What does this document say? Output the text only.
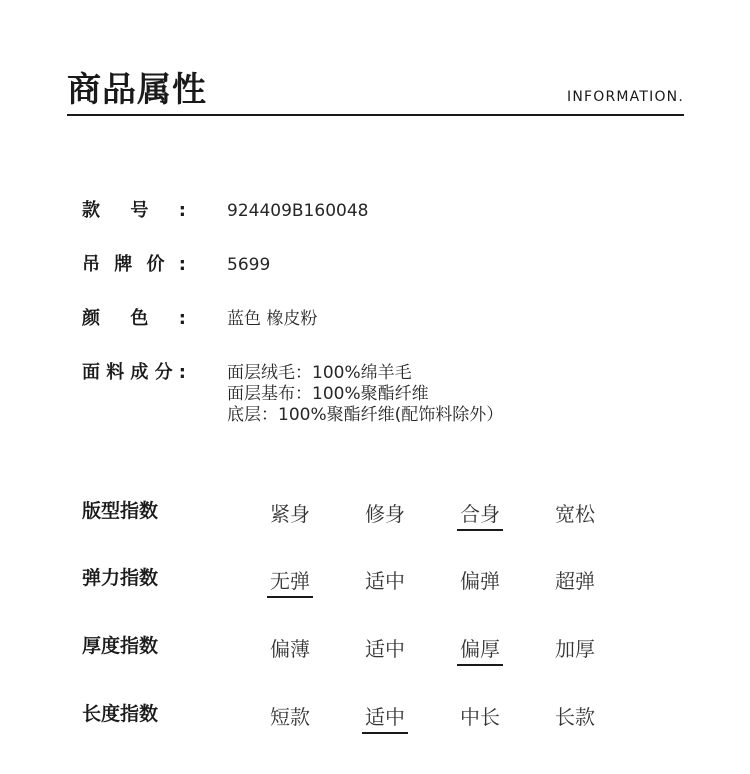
商品属性	INFORMATION.
款号: 924409B160048
吊牌价: 5699
颜色: 蓝色 橡皮粉
面料成分: 面层绒毛：100%绵羊毛
面层基布：100%聚酯纤维
底层：100%聚酯纤维(配饰料除外）
版型指数	紧身	修身	合身	宽松
弹力指数	无弹	适中	偏弹	超弹
厚度指数	偏薄	适中	偏厚	加厚
长度指数	短款	适中	中长	长款
